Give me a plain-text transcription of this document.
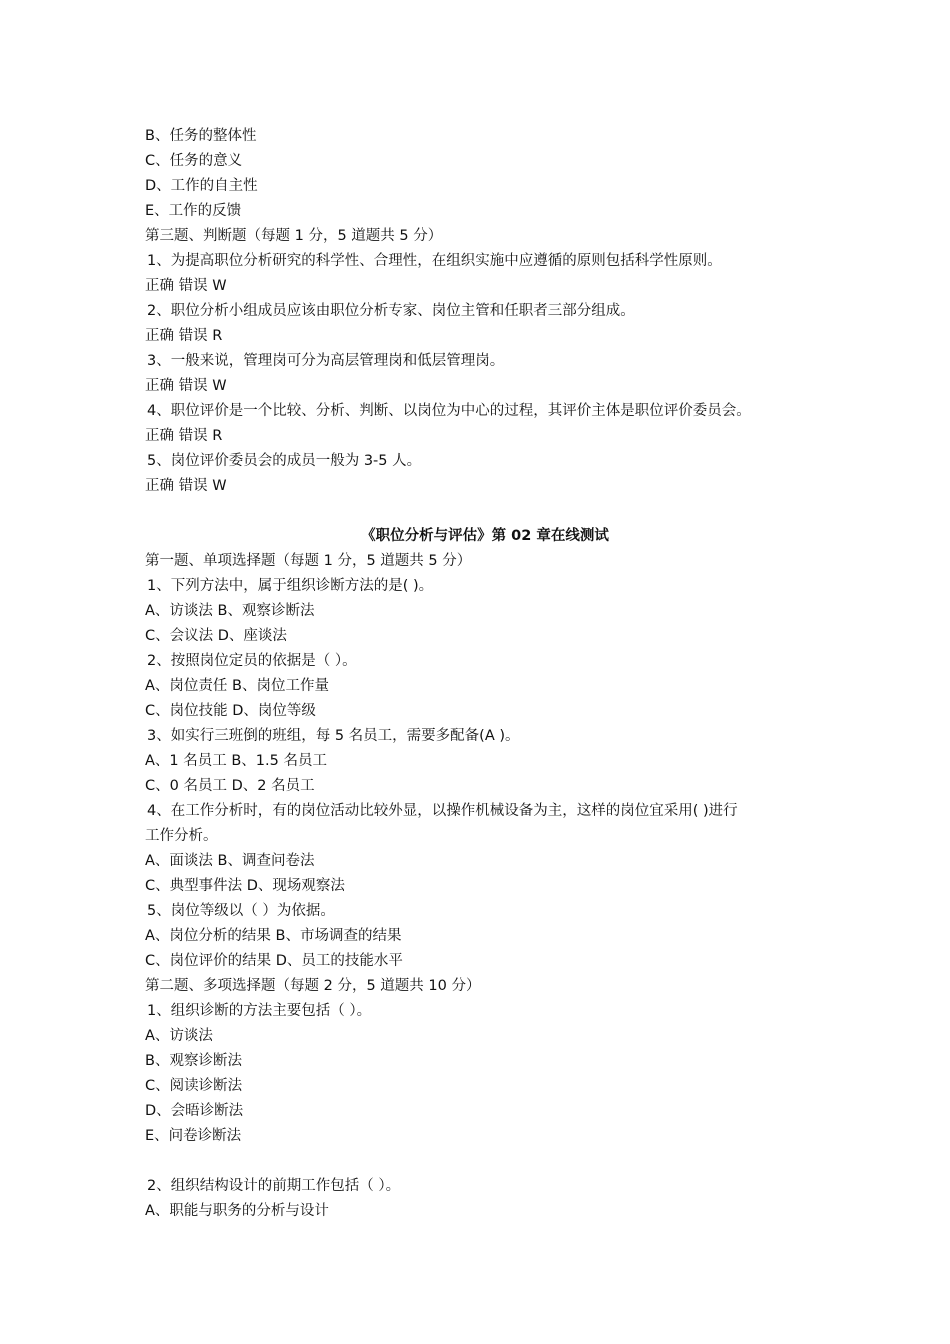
B、任务的整体性
C、任务的意义
D、工作的自主性
E、工作的反馈
第三题、判断题（每题 1 分，5 道题共 5 分）
1、为提高职位分析研究的科学性、合理性，在组织实施中应遵循的原则包括科学性原则。
正确 错误 W
2、职位分析小组成员应该由职位分析专家、岗位主管和任职者三部分组成。
正确 错误 R
3、一般来说，管理岗可分为高层管理岗和低层管理岗。
正确 错误 W
4、职位评价是一个比较、分析、判断、以岗位为中心的过程，其评价主体是职位评价委员会。
正确 错误 R
5、岗位评价委员会的成员一般为 3-5 人。
正确 错误 W
《职位分析与评估》第 02 章在线测试
第一题、单项选择题（每题 1 分，5 道题共 5 分）
1、下列方法中，属于组织诊断方法的是( )。
A、访谈法 B、观察诊断法
C、会议法 D、座谈法
2、按照岗位定员的依据是（ ）。
A、岗位责任 B、岗位工作量
C、岗位技能 D、岗位等级
3、如实行三班倒的班组，每 5 名员工，需要多配备(A )。
A、1 名员工 B、1.5 名员工
C、0 名员工 D、2 名员工
4、在工作分析时，有的岗位活动比较外显，以操作机械设备为主，这样的岗位宜采用( )进行
工作分析。
A、面谈法 B、调查问卷法
C、典型事件法 D、现场观察法
5、岗位等级以（ ）为依据。
A、岗位分析的结果 B、市场调查的结果
C、岗位评价的结果 D、员工的技能水平
第二题、多项选择题（每题 2 分，5 道题共 10 分）
1、组织诊断的方法主要包括（ ）。
A、访谈法
B、观察诊断法
C、阅读诊断法
D、会晤诊断法
E、问卷诊断法
2、组织结构设计的前期工作包括（ ）。
A、职能与职务的分析与设计
